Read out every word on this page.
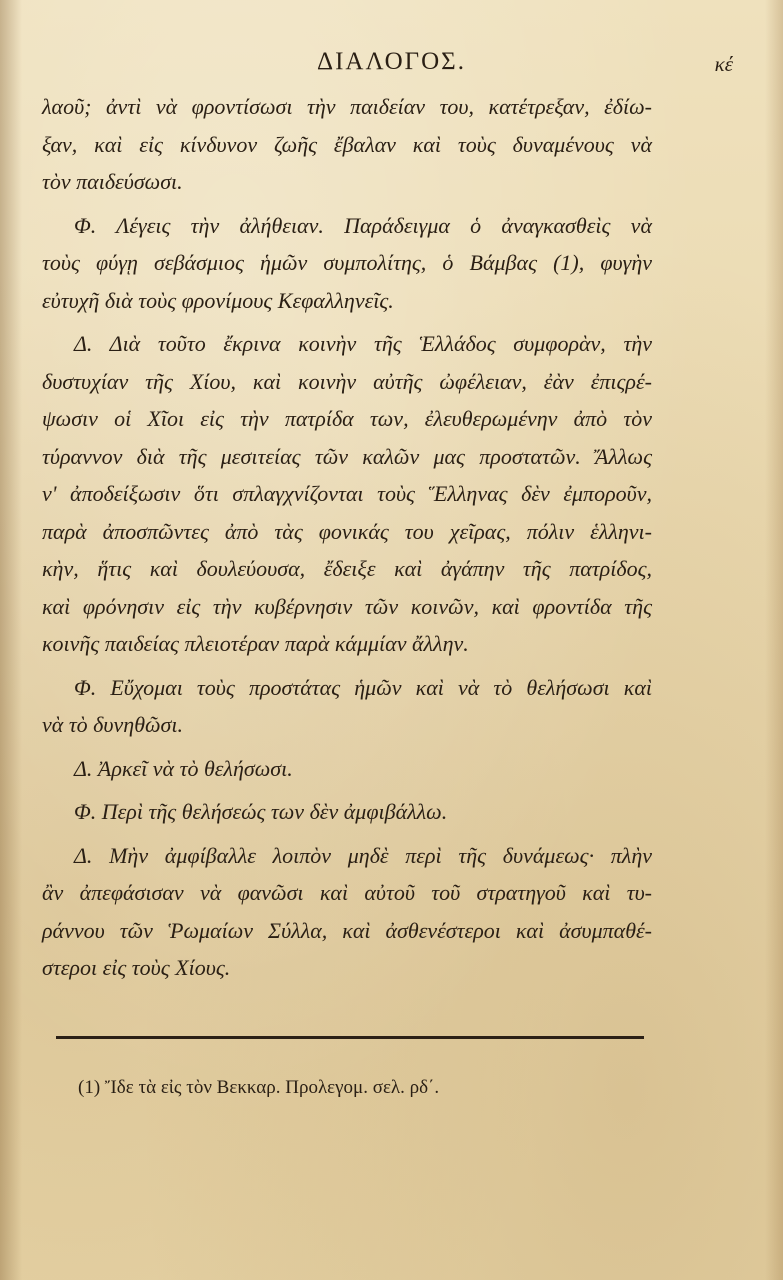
ΔΙΑΛΟΓΟΣ.	κέ
λαοῦ; ἀντὶ νὰ φροντίσωσι τὴν παιδείαν του, κατέτρεξαν, ἐδίω-
ξαν, καὶ εἰς κίνδυνον ζωῆς ἔβαλαν καὶ τοὺς δυναμένους νὰ
τὸν παιδεύσωσι.
Φ. Λέγεις τὴν ἀλήθειαν. Παράδειγμα ὁ ἀναγκασθεὶς νὰ
τοὺς φύγῃ σεβάσμιος ἡμῶν συμπολίτης, ὁ Βάμβας (1), φυγὴν
εὐτυχῆ διὰ τοὺς φρονίμους Κεφαλληνεῖς.
Δ. Διὰ τοῦτο ἔκρινα κοινὴν τῆς Ἑλλάδος συμφορὰν, τὴν
δυστυχίαν τῆς Χίου, καὶ κοινὴν αὐτῆς ὠφέλειαν, ἐὰν ἐπιςρέ-
ψωσιν οἱ Χῖοι εἰς τὴν πατρίδα των, ἐλευθερωμένην ἀπὸ τὸν
τύραννον διὰ τῆς μεσιτείας τῶν καλῶν μας προστατῶν. Ἄλλως
ν' ἀποδείξωσιν ὅτι σπλαγχνίζονται τοὺς Ἕλληνας δὲν ἐμποροῦν,
παρὰ ἀποσπῶντες ἀπὸ τὰς φονικάς του χεῖρας, πόλιν ἑλληνι-
κὴν, ἥτις καὶ δουλεύουσα, ἔδειξε καὶ ἀγάπην τῆς πατρίδος,
καὶ φρόνησιν εἰς τὴν κυβέρνησιν τῶν κοινῶν, καὶ φροντίδα τῆς
κοινῆς παιδείας πλειοτέραν παρὰ κάμμίαν ἄλλην.
Φ. Εὔχομαι τοὺς προστάτας ἡμῶν καὶ νὰ τὸ θελήσωσι καὶ
νὰ τὸ δυνηθῶσι.
Δ. Ἀρκεῖ νὰ τὸ θελήσωσι.
Φ. Περὶ τῆς θελήσεώς των δὲν ἀμφιβάλλω.
Δ. Μὴν ἀμφίβαλλε λοιπὸν μηδὲ περὶ τῆς δυνάμεως· πλὴν
ἂν ἀπεφάσισαν νὰ φανῶσι καὶ αὐτοῦ τοῦ στρατηγοῦ καὶ τυ-
ράννου τῶν Ῥωμαίων Σύλλα, καὶ ἀσθενέστεροι καὶ ἀσυμπαθέ-
στεροι εἰς τοὺς Χίους.
(1) Ἴδε τὰ εἰς τὸν Βεκκαρ. Προλεγομ. σελ. ρδ΄.
